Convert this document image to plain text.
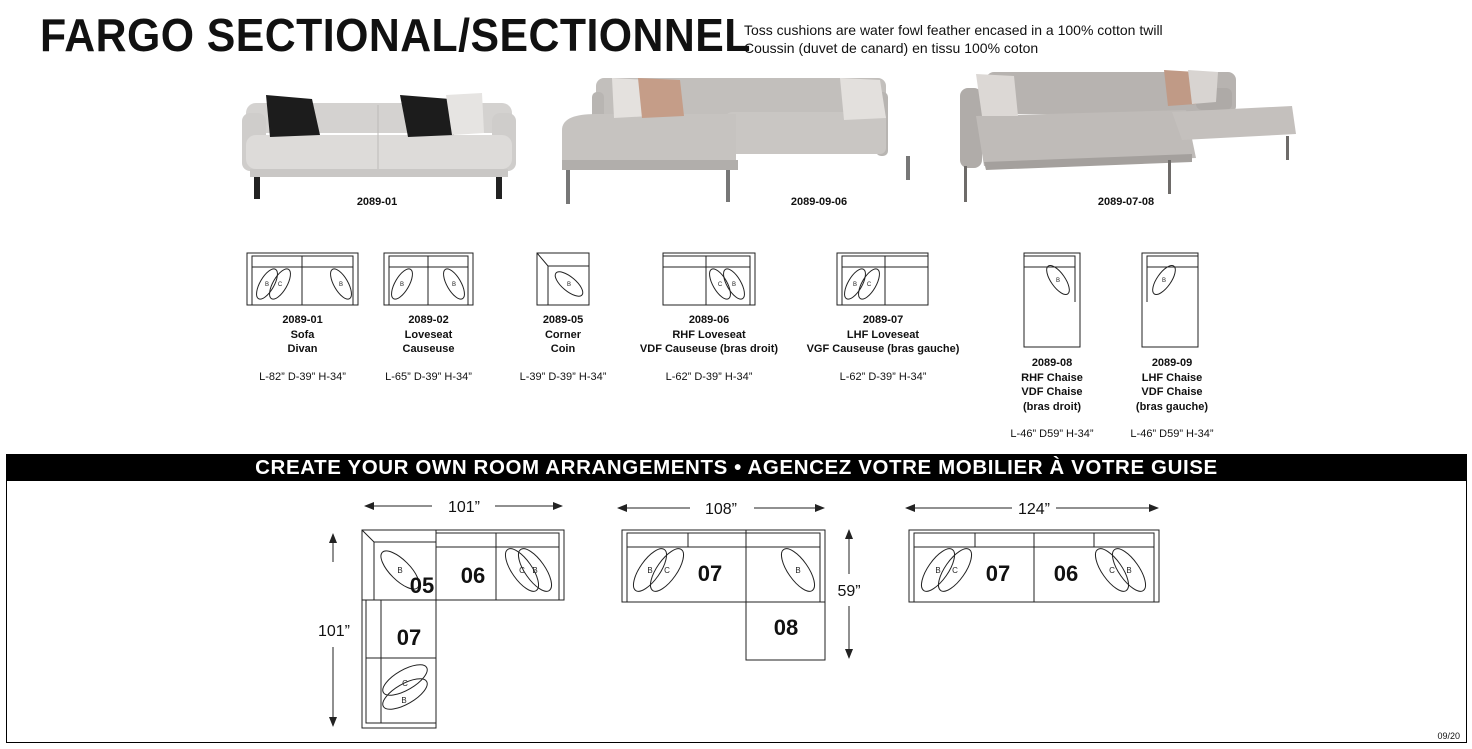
FARGO SECTIONAL/SECTIONNEL
Toss cushions are water fowl feather encased in a 100% cotton twill
Coussin (duvet de canard) en tissu 100% coton
2089-01	2089-09-06	2089-07-08
B C	B	B	B	B	C B	B C
B	B
2089-01
Sofa
Divan
L-82” D-39” H-34”
2089-02
Loveseat
Causeuse
L-65” D-39” H-34”
2089-05
Corner
Coin
L-39” D-39” H-34”
2089-06
RHF Loveseat
VDF Causeuse (bras droit)
L-62” D-39” H-34”
2089-07
LHF Loveseat
VGF Causeuse (bras gauche)
L-62” D-39” H-34”
2089-08
RHF Chaise
VDF Chaise
(bras droit)
L-46” D59” H-34”
2089-09
LHF Chaise
VDF Chaise
(bras gauche)
L-46” D59” H-34”
CREATE YOUR OWN ROOM ARRANGEMENTS • AGENCEZ VOTRE MOBILIER À VOTRE GUISE
05 06
07
07
08
07 06
B	C B
B
C
B C	B	B C	C B
101”
101”
108”
59”
124”
09/20
